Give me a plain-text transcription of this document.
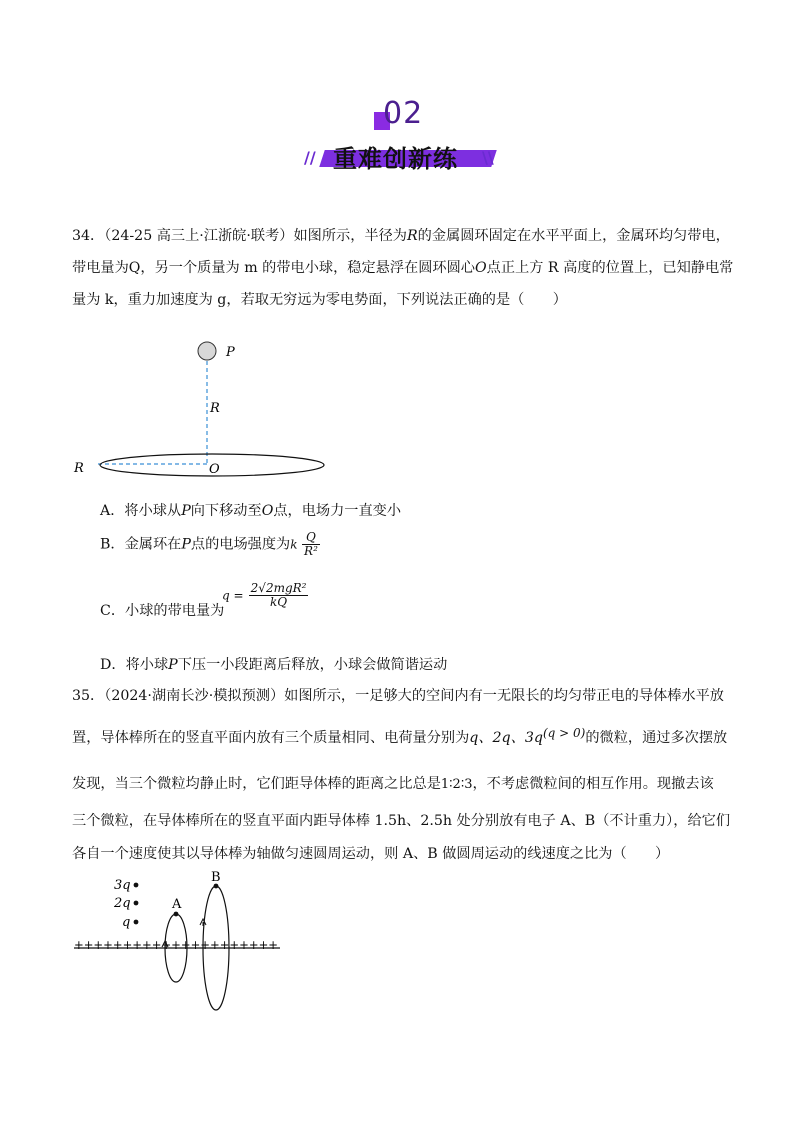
02
// 重难创新练 \\
34．（24-25 高三上·江浙皖·联考）如图所示，半径为R的金属圆环固定在水平平面上，金属环均匀带电，
带电量为Q，另一个质量为 m 的带电小球，稳定悬浮在圆环圆心O点正上方 R 高度的位置上，已知静电常
量为 k，重力加速度为 g，若取无穷远为零电势面，下列说法正确的是（　　）
P
R
R	O
A．将小球从P向下移动至O点，电场力一直变小
B．金属环在P点的电场强度为k $\frac{Q}{\text{R²}}$
C．小球的带电量为
$q = \frac{\text{2√2mgR²}}{kQ}$
D．将小球P下压一小段距离后释放，小球会做简谐运动
35．（2024·湖南长沙·模拟预测）如图所示，一足够大的空间内有一无限长的均匀带正电的导体棒水平放
置，导体棒所在的竖直平面内放有三个质量相同、电荷量分别为q、2q、$3q^{(q > 0)}$的微粒，通过多次摆放
发现，当三个微粒均静止时，它们距导体棒的距离之比总是1∶2∶3，不考虑微粒间的相互作用。现撤去该
三个微粒，在导体棒所在的竖直平面内距导体棒 1.5h、2.5h 处分别放有电子 A、B（不计重力），给它们
各自一个速度使其以导体棒为轴做匀速圆周运动，则 A、B 做圆周运动的线速度之比为（　　）
3q
2q
q
+++++++++++++++++++++
A
B
